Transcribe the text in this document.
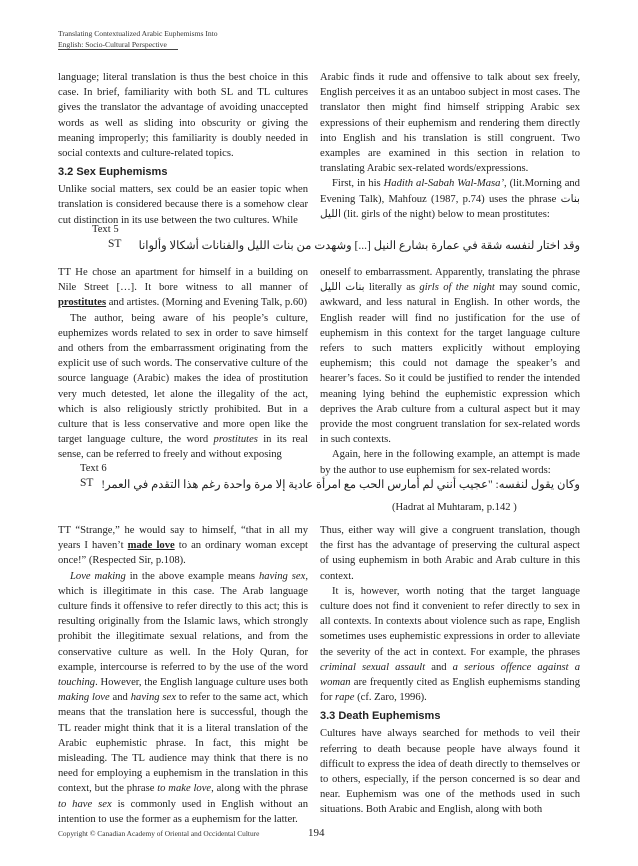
Translating Contextualized Arabic Euphemisms Into
English: Socio-Cultural Perspective

language; literal translation is thus the best choice in this case. In brief, familiarity with both SL and TL cultures gives the translator the advantage of avoiding unaccepted words as well as sliding into obscurity or giving the meaning improperly; this familiarity is doubly needed in social contexts and culture-related topics.

3.2 Sex Euphemisms

Unlike social matters, sex could be an easier topic when translation is considered because there is a somehow clear cut distinction in its use between the two cultures. While

Arabic finds it rude and offensive to talk about sex freely, English perceives it as an untaboo subject in most cases. The translator then might find himself stripping Arabic sex expressions of their euphemism and rendering them directly into English and his translation is still congruent. Two examples are examined in this section in relation to translating Arabic sex-related words/expressions.

First, in his Hadith al-Sabah Wal-Masa’, (lit.Morning and Evening Talk), Mahfouz (1987, p.74) uses the phrase بنات الليل (lit. girls of the night) below to mean prostitutes:

Text 5
ST	وقد اختار لنفسه شقة في عمارة بشارع النيل [...] وشهدت من بنات الليل والفنانات أشكالا وألوانا

TT He chose an apartment for himself in a building on Nile Street […]. It bore witness to all manner of prostitutes and artistes. (Morning and Evening Talk, p.60)

The author, being aware of his people’s culture, euphemizes words related to sex in order to save himself and others from the embarrassment originating from the explicit use of such words. The conservative culture of the source language (Arabic) makes the idea of prostitution very much detested, let alone the illegality of the act, which is also religiously strictly prohibited. But in a culture that is less conservative and more open like the target language culture, the word prostitutes in its real sense, can be referred to freely and without exposing

oneself to embarrassment. Apparently, translating the phrase بنات الليل literally as girls of the night may sound comic, awkward, and less natural in English. In other words, the English reader will find no justification for the use of euphemism in this context for the target language culture refers to such matters explicitly without employing euphemism; this could not damage the speaker’s and hearer’s faces. So it could be justified to render the intended meaning lying behind the euphemistic expression which deprives the Arab culture from a cultural aspect but it may provide the most congruent translation for sex-related words in such contexts.

Again, here in the following example, an attempt is made by the author to use euphemism for sex-related words:

Text 6
ST وكان يقول لنفسه: "عجيب أنني لم أمارس الحب مع امرأة عادية إلا مرة واحدة رغم هذا التقدم في العمر!
(Hadrat al Muhtaram, p.142 )

TT “Strange,” he would say to himself, “that in all my years I haven’t made love to an ordinary woman except once!” (Respected Sir, p.108).

Love making in the above example means having sex, which is illegitimate in this case. The Arab language culture finds it offensive to refer directly to this act; this is resulting originally from the Islamic laws, which strongly prohibit the illegitimate sexual relations, and from the conservative culture as well. In the Holy Quran, for example, intercourse is referred to by the use of the word touching. However, the English language culture uses both making love and having sex to refer to the same act, which means that the translation here is successful, though the TL reader might think that it is a literal translation of the Arabic euphemistic phrase. In fact, this might be misleading. The TL audience may think that there is no need for employing a euphemism in the translation in this context, but the phrase to make love, along with the phrase to have sex is commonly used in English without an intention to use the former as a euphemism for the latter.

Thus, either way will give a congruent translation, though the first has the advantage of preserving the cultural aspect of using euphemism in both Arabic and Arab culture in this context.

It is, however, worth noting that the target language culture does not find it convenient to refer directly to sex in all contexts. In contexts about violence such as rape, English sometimes uses euphemistic expressions in order to alleviate the severity of the act in context. For example, the phrases criminal sexual assault and a serious offence against a woman are frequently cited as English euphemisms standing for rape (cf. Zaro, 1996).

3.3 Death Euphemisms

Cultures have always searched for methods to veil their referring to death because people have always found it difficult to express the idea of death directly to themselves or to others, especially, if the person concerned is so dear and near. Euphemism was one of the methods used in such situations. Both Arabic and English, along with both

Copyright © Canadian Academy of Oriental and Occidental Culture	194
